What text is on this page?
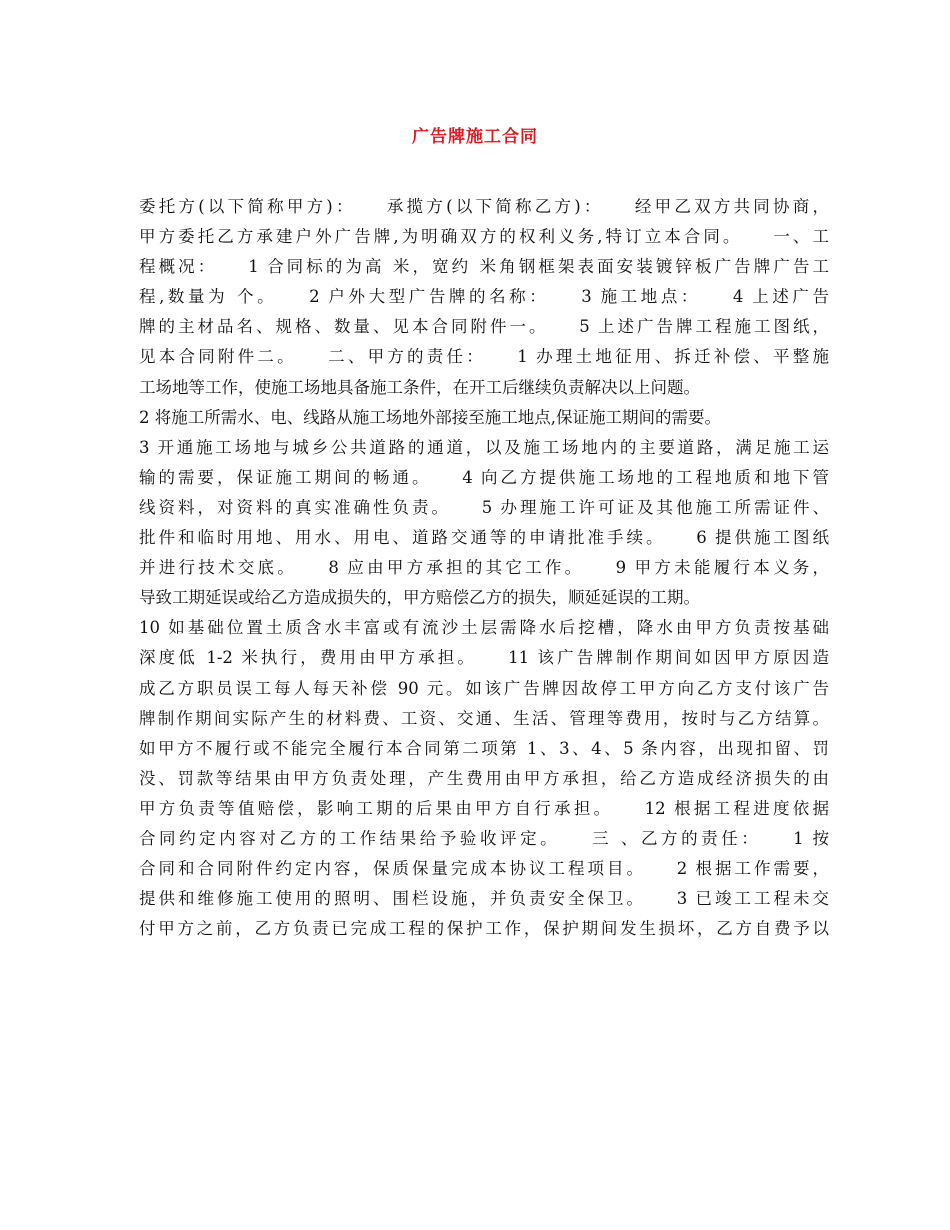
广告牌施工合同
委托方(以下简称甲方)：　　承揽方(以下简称乙方)：　　经甲乙双方共同协商，
甲方委托乙方承建户外广告牌,为明确双方的权利义务,特订立本合同。　　一、工
程概况：　　1 合同标的为高 米，宽约 米角钢框架表面安装镀锌板广告牌广告工
程,数量为 个。　　2 户外大型广告牌的名称：　　3 施工地点：　　4 上述广告
牌的主材品名、规格、数量、见本合同附件一。　　5 上述广告牌工程施工图纸，
见本合同附件二。　　二、甲方的责任：　　1 办理土地征用、拆迁补偿、平整施
工场地等工作，使施工场地具备施工条件，在开工后继续负责解决以上问题。
2 将施工所需水、电、线路从施工场地外部接至施工地点,保证施工期间的需要。
3 开通施工场地与城乡公共道路的通道，以及施工场地内的主要道路，满足施工运
输的需要，保证施工期间的畅通。　　4 向乙方提供施工场地的工程地质和地下管
线资料，对资料的真实准确性负责。　　5 办理施工许可证及其他施工所需证件、
批件和临时用地、用水、用电、道路交通等的申请批准手续。　　6 提供施工图纸
并进行技术交底。　　8 应由甲方承担的其它工作。　　9 甲方未能履行本义务，
导致工期延误或给乙方造成损失的，甲方赔偿乙方的损失，顺延延误的工期。
10 如基础位置土质含水丰富或有流沙土层需降水后挖槽，降水由甲方负责按基础
深度低 1-2 米执行，费用由甲方承担。　　11 该广告牌制作期间如因甲方原因造
成乙方职员误工每人每天补偿 90 元。如该广告牌因故停工甲方向乙方支付该广告
牌制作期间实际产生的材料费、工资、交通、生活、管理等费用，按时与乙方结算。
如甲方不履行或不能完全履行本合同第二项第 1、3、4、5 条内容，出现扣留、罚
没、罚款等结果由甲方负责处理，产生费用由甲方承担，给乙方造成经济损失的由
甲方负责等值赔偿，影响工期的后果由甲方自行承担。　　12 根据工程进度依据
合同约定内容对乙方的工作结果给予验收评定。　　三 、乙方的责任：　　1 按
合同和合同附件约定内容，保质保量完成本协议工程项目。　　2 根据工作需要，
提供和维修施工使用的照明、围栏设施，并负责安全保卫。　　3 已竣工工程未交
付甲方之前，乙方负责已完成工程的保护工作，保护期间发生损坏，乙方自费予以
